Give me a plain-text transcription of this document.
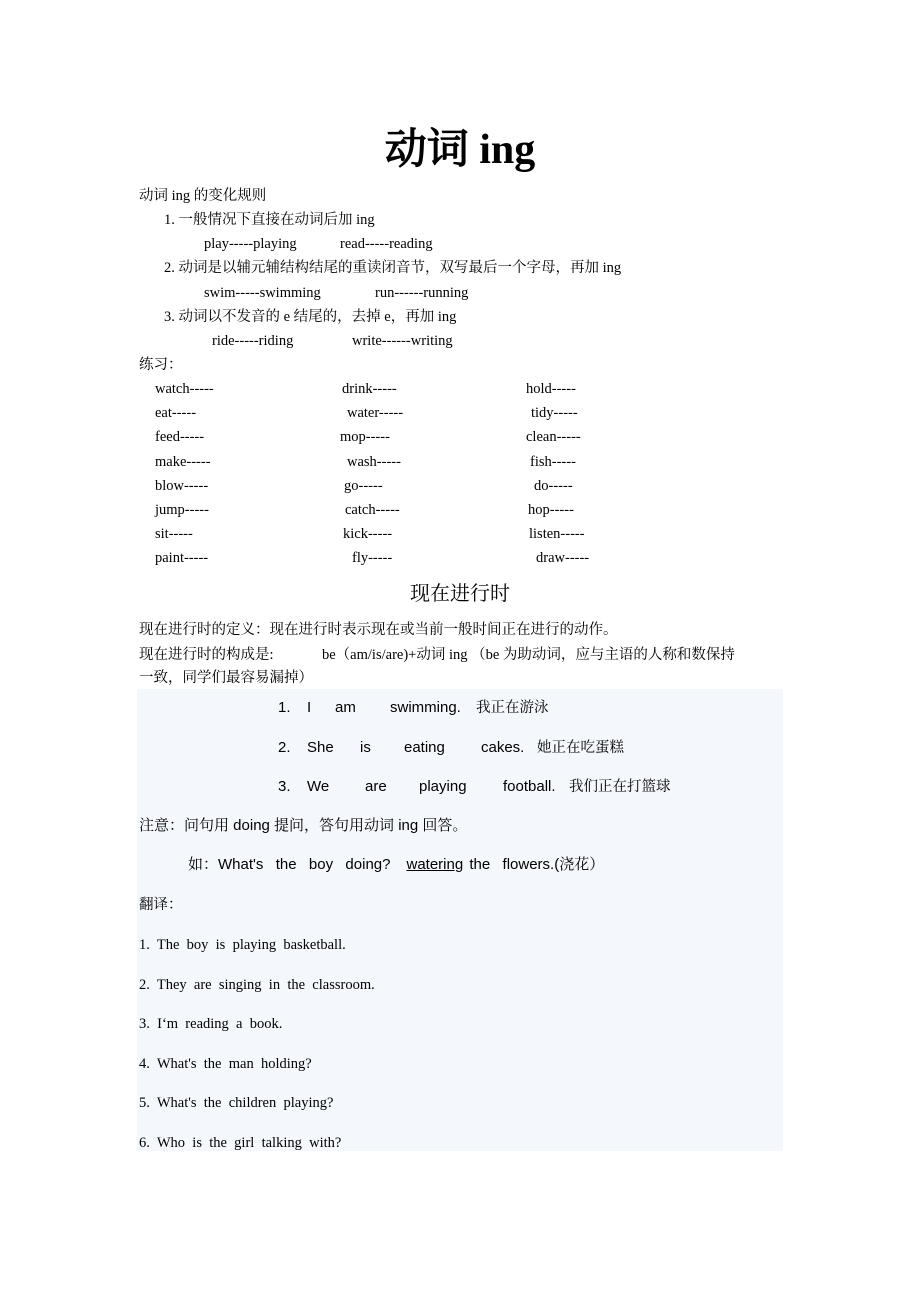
动词 ing
动词 ing 的变化规则
1. 一般情况下直接在动词后加 ing
play-----playing	read-----reading
2. 动词是以辅元辅结构结尾的重读闭音节，双写最后一个字母，再加 ing
swim-----swimming	run------running
3. 动词以不发音的 e 结尾的，去掉 e，再加 ing
ride-----riding	write------writing
练习：
现在进行时
现在进行时的定义：现在进行时表示现在或当前一般时间正在进行的动作。
现在进行时的构成是:	be（am/is/are)+动词 ing （be 为助动词，应与主语的人称和数保持
一致，同学们最容易漏掉）
注意：问句用 doing 提问，答句用动词 ing 回答。
如：What's  the  boy  doing? watering the  flowers.(浇花）
翻译：
watch-----	drink-----	hold-----
eat-----	water-----	tidy-----
feed-----	mop-----	clean-----
make-----	wash-----	fish-----
blow-----	go-----	do-----
jump-----	catch-----	hop-----
sit-----	kick-----	listen-----
paint-----	fly-----	draw-----
1. I am swimming. 我正在游泳
2. She is eating cakes. 她正在吃蛋糕
3. We are playing football. 我们正在打篮球
1.  The  boy  is  playing  basketball.
2.  They  are  singing  in  the  classroom.
3.  I‘m  reading  a  book.
4.  What's  the  man  holding?
5.  What's  the  children  playing?
6.  Who  is  the  girl  talking  with?
